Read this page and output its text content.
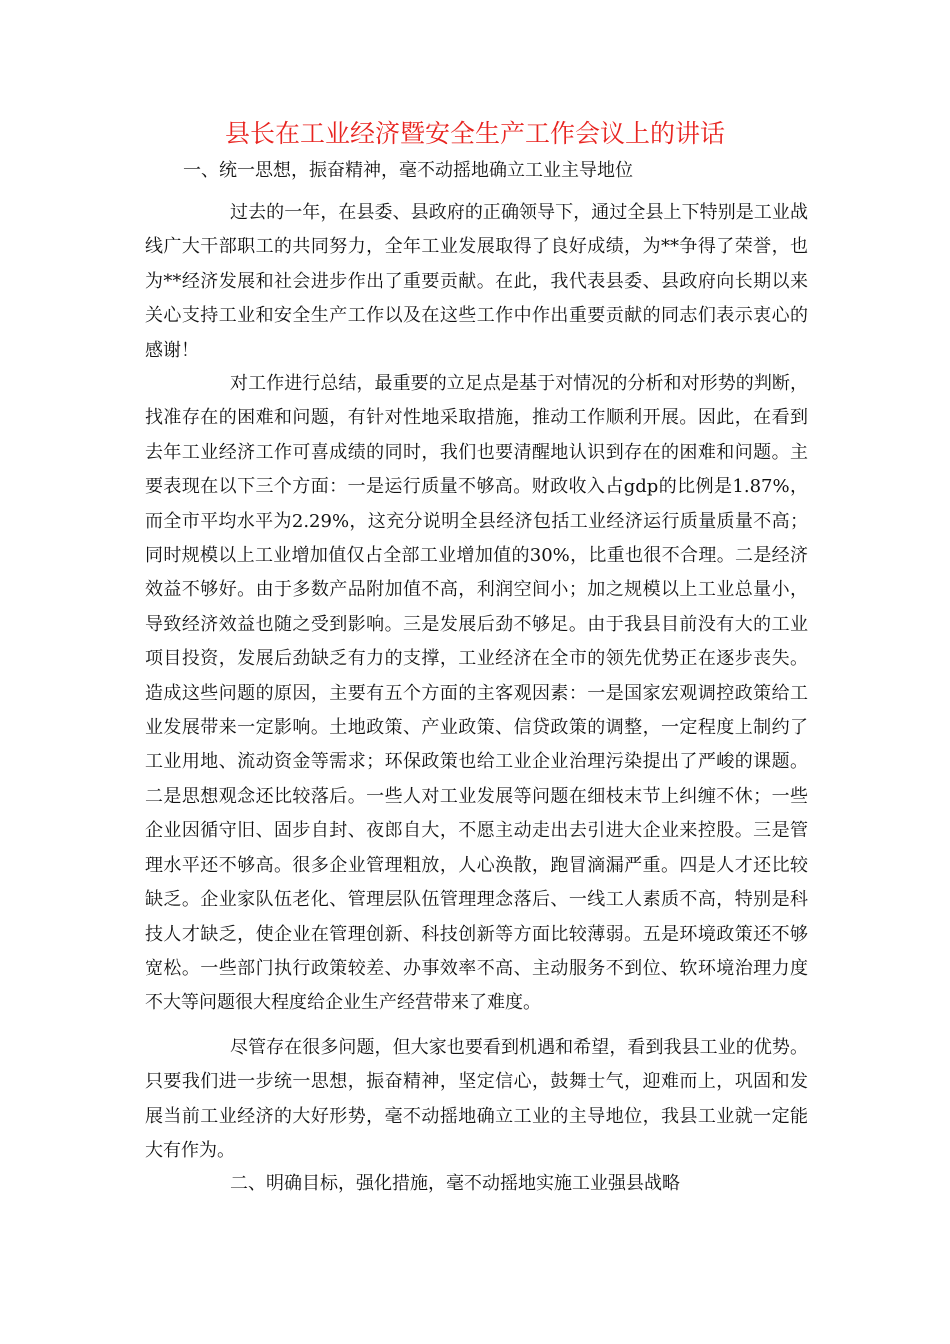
县长在工业经济暨安全生产工作会议上的讲话
一、统一思想，振奋精神，毫不动摇地确立工业主导地位

过去的一年，在县委、县政府的正确领导下，通过全县上下特别是工业战线广大干部职工的共同努力，全年工业发展取得了良好成绩，为**争得了荣誉，也为**经济发展和社会进步作出了重要贡献。在此，我代表县委、县政府向长期以来关心支持工业和安全生产工作以及在这些工作中作出重要贡献的同志们表示衷心的感谢！

对工作进行总结，最重要的立足点是基于对情况的分析和对形势的判断，找准存在的困难和问题，有针对性地采取措施，推动工作顺利开展。因此，在看到去年工业经济工作可喜成绩的同时，我们也要清醒地认识到存在的困难和问题。主要表现在以下三个方面：一是运行质量不够高。财政收入占gdp的比例是1.87%，而全市平均水平为2.29%，这充分说明全县经济包括工业经济运行质量质量不高；同时规模以上工业增加值仅占全部工业增加值的30%，比重也很不合理。二是经济效益不够好。由于多数产品附加值不高，利润空间小；加之规模以上工业总量小，导致经济效益也随之受到影响。三是发展后劲不够足。由于我县目前没有大的工业项目投资，发展后劲缺乏有力的支撑，工业经济在全市的领先优势正在逐步丧失。造成这些问题的原因，主要有五个方面的主客观因素：一是国家宏观调控政策给工业发展带来一定影响。土地政策、产业政策、信贷政策的调整，一定程度上制约了工业用地、流动资金等需求；环保政策也给工业企业治理污染提出了严峻的课题。二是思想观念还比较落后。一些人对工业发展等问题在细枝末节上纠缠不休；一些企业因循守旧、固步自封、夜郎自大，不愿主动走出去引进大企业来控股。三是管理水平还不够高。很多企业管理粗放，人心涣散，跑冒滴漏严重。四是人才还比较缺乏。企业家队伍老化、管理层队伍管理理念落后、一线工人素质不高，特别是科技人才缺乏，使企业在管理创新、科技创新等方面比较薄弱。五是环境政策还不够宽松。一些部门执行政策较差、办事效率不高、主动服务不到位、软环境治理力度不大等问题很大程度给企业生产经营带来了难度。

尽管存在很多问题，但大家也要看到机遇和希望，看到我县工业的优势。只要我们进一步统一思想，振奋精神，坚定信心，鼓舞士气，迎难而上，巩固和发展当前工业经济的大好形势，毫不动摇地确立工业的主导地位，我县工业就一定能大有作为。

二、明确目标，强化措施，毫不动摇地实施工业强县战略
